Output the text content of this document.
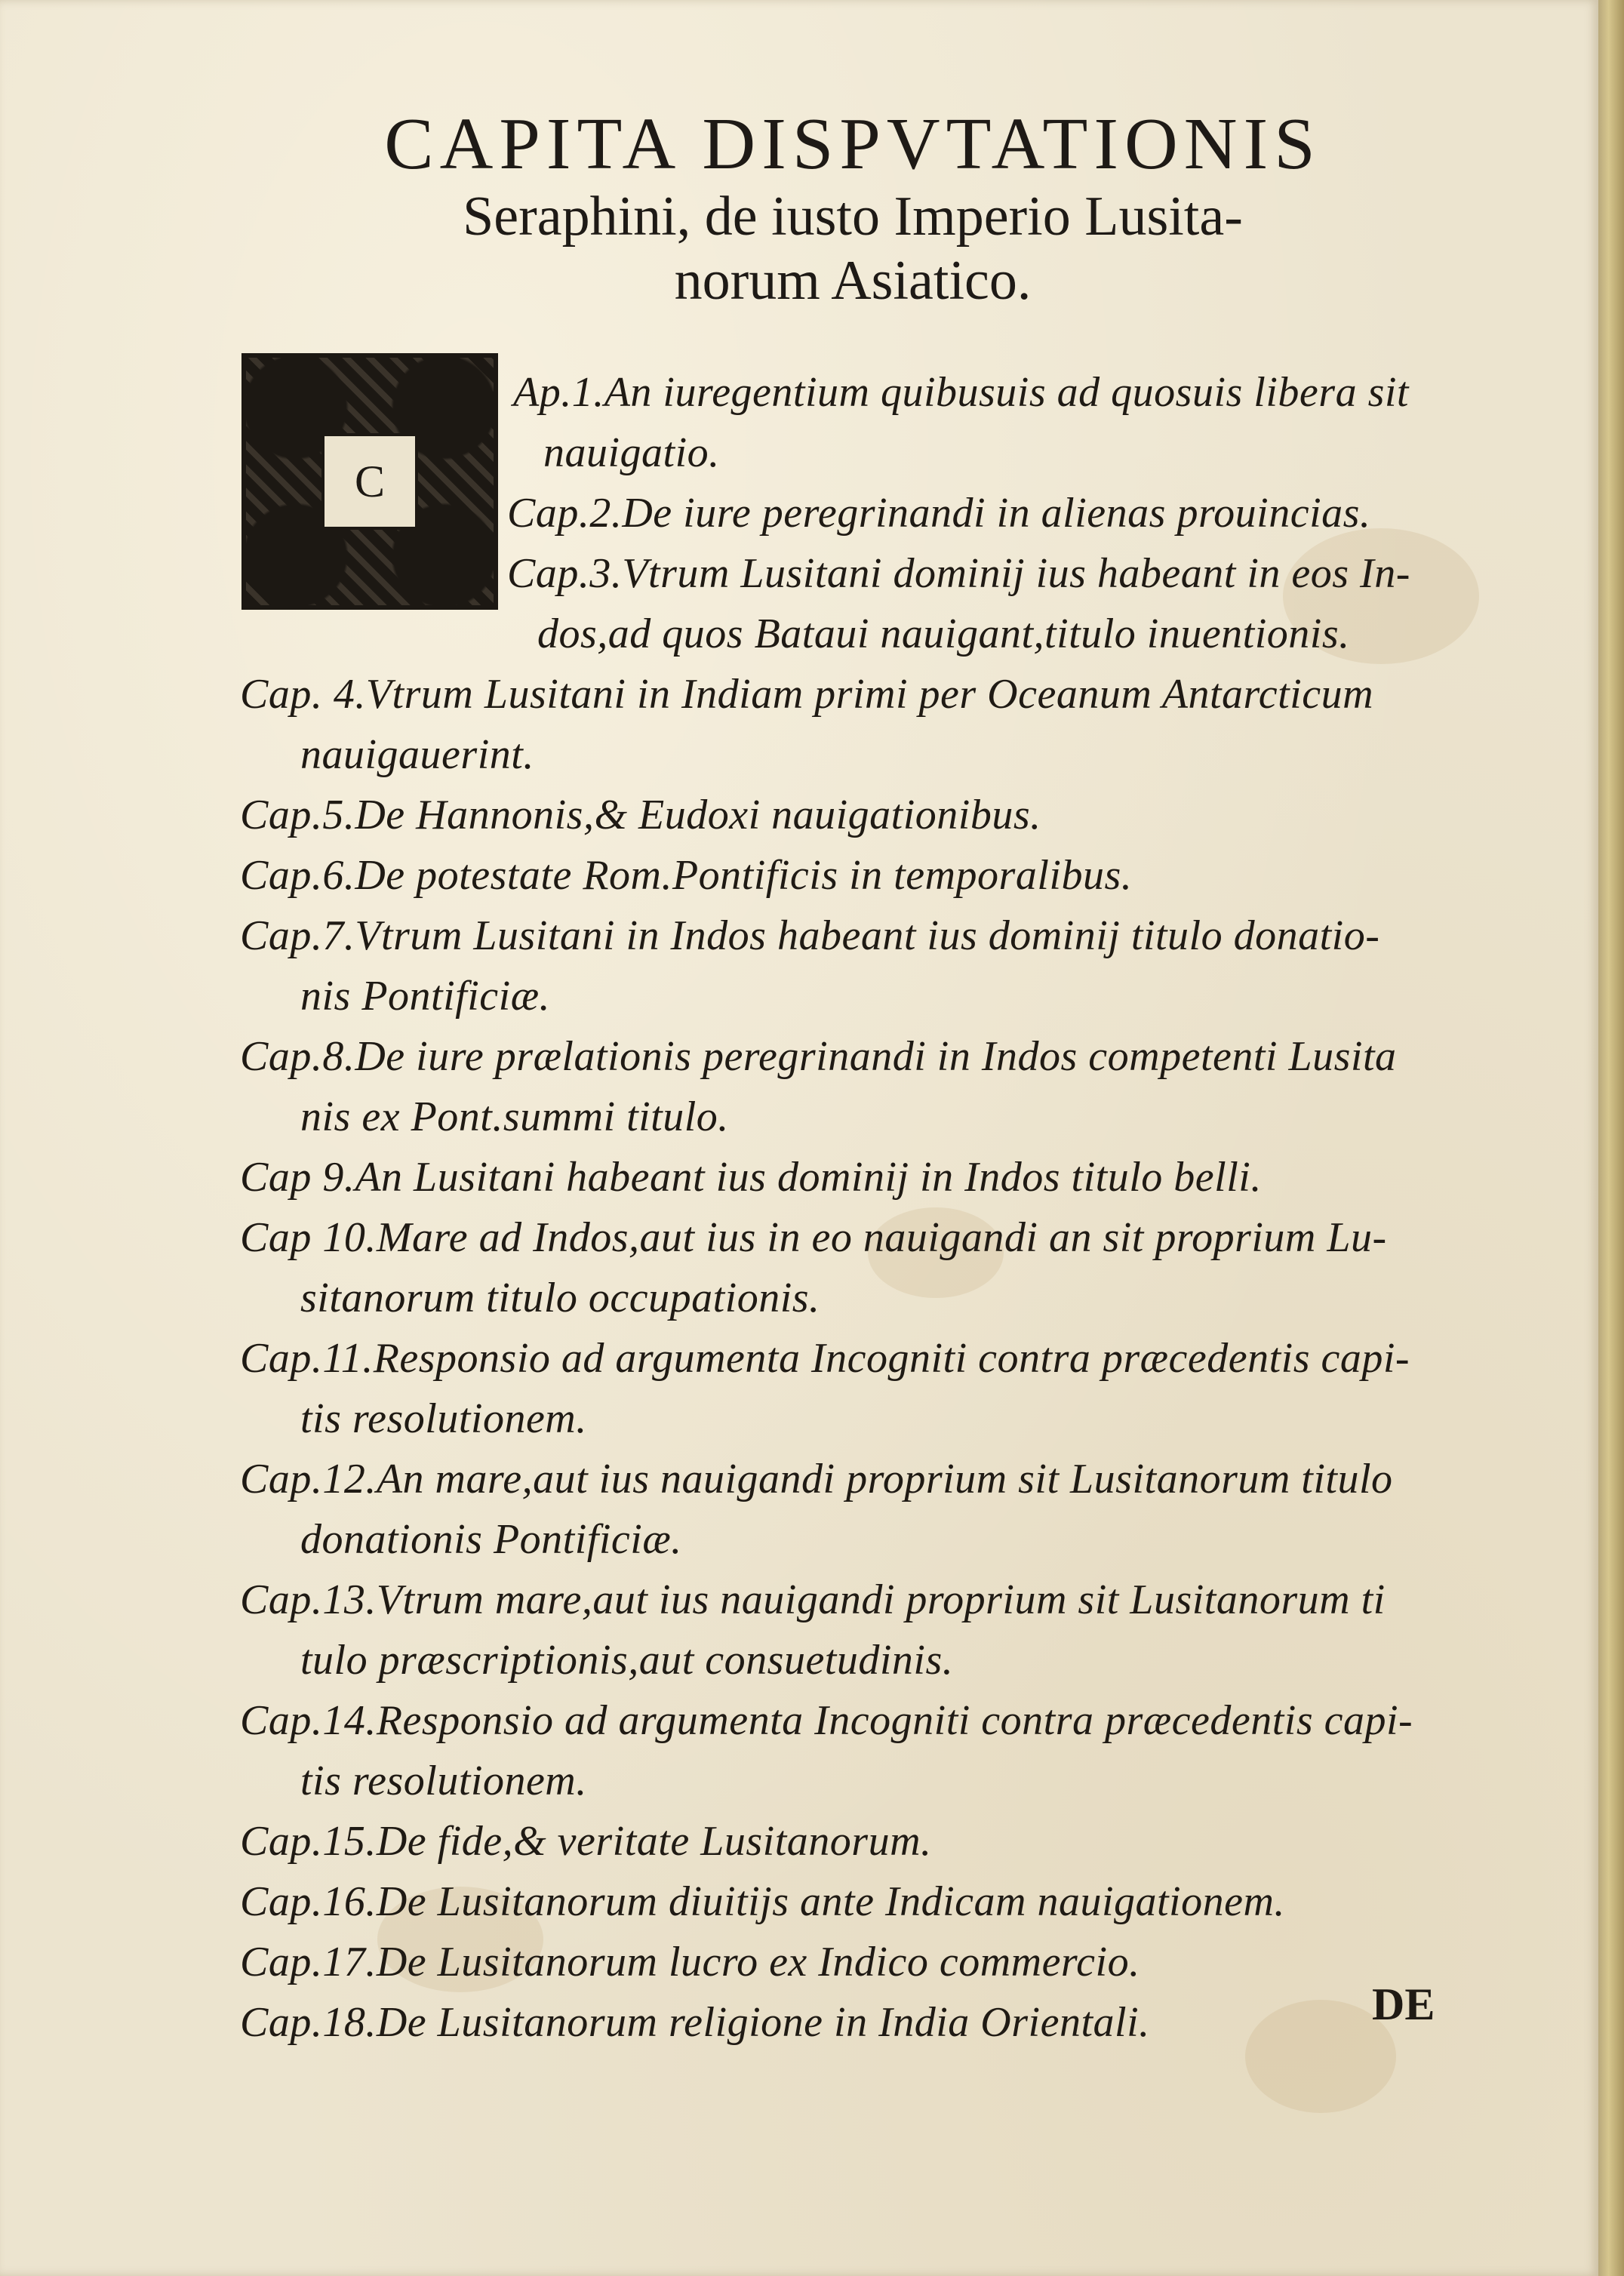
CAPITA DISPVTATIONIS
Seraphini, de iusto Imperio Lusita-
norum Asiatico.
C
Ap.1.An iuregentium quibusuis ad quosuis libera sit
nauigatio.
Cap.2.De iure peregrinandi in alienas prouincias.
Cap.3.Vtrum Lusitani dominij ius habeant in eos In-
dos,ad quos Bataui nauigant,titulo inuentionis.
Cap. 4.Vtrum Lusitani in Indiam primi per Oceanum Antarcticum
nauigauerint.
Cap.5.De Hannonis,& Eudoxi nauigationibus.
Cap.6.De potestate Rom.Pontificis in temporalibus.
Cap.7.Vtrum Lusitani in Indos habeant ius dominij titulo donatio-
nis Pontificiæ.
Cap.8.De iure prælationis peregrinandi in Indos competenti Lusita
nis ex Pont.summi titulo.
Cap 9.An Lusitani habeant ius dominij in Indos titulo belli.
Cap 10.Mare ad Indos,aut ius in eo nauigandi an sit proprium Lu-
sitanorum titulo occupationis.
Cap.11.Responsio ad argumenta Incogniti contra præcedentis capi-
tis resolutionem.
Cap.12.An mare,aut ius nauigandi proprium sit Lusitanorum titulo
donationis Pontificiæ.
Cap.13.Vtrum mare,aut ius nauigandi proprium sit Lusitanorum ti
tulo præscriptionis,aut consuetudinis.
Cap.14.Responsio ad argumenta Incogniti contra præcedentis capi-
tis resolutionem.
Cap.15.De fide,& veritate Lusitanorum.
Cap.16.De Lusitanorum diuitijs ante Indicam nauigationem.
Cap.17.De Lusitanorum lucro ex Indico commercio.
Cap.18.De Lusitanorum religione in India Orientali.	DE
